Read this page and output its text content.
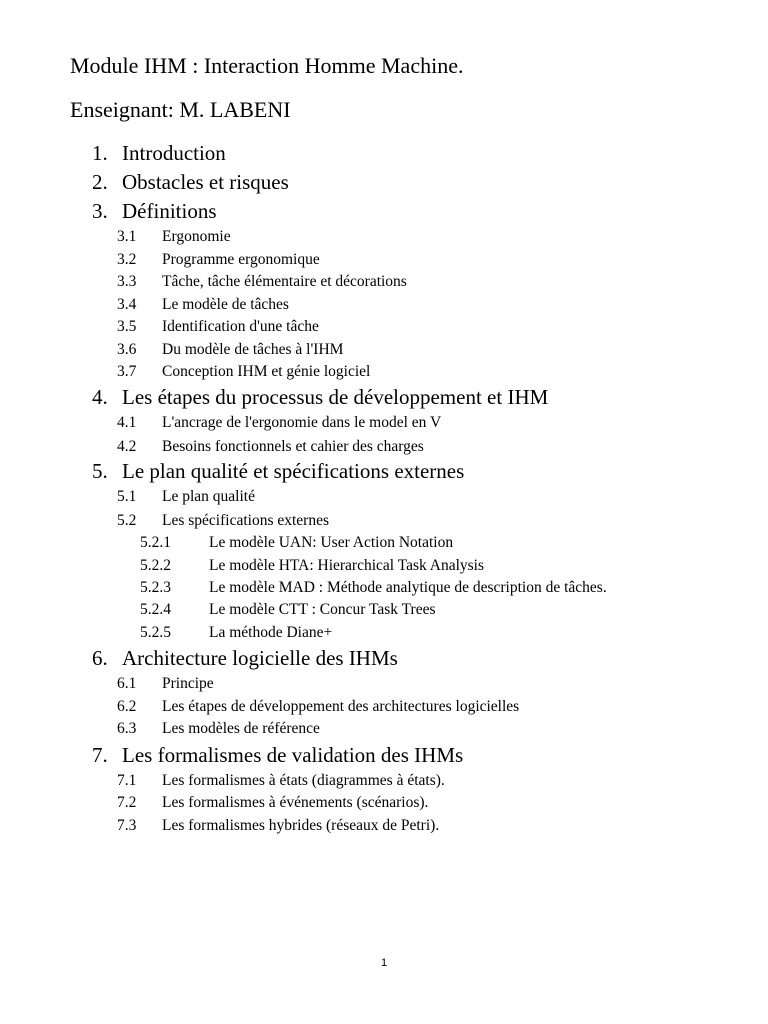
Module IHM : Interaction Homme Machine.
Enseignant: M. LABENI
1. Introduction
2. Obstacles et risques
3. Définitions
3.1 Ergonomie
3.2 Programme ergonomique
3.3 Tâche, tâche élémentaire et décorations
3.4 Le modèle de tâches
3.5 Identification d'une tâche
3.6 Du modèle de tâches à l'IHM
3.7 Conception IHM et génie logiciel
4. Les étapes du processus de développement et IHM
4.1 L'ancrage de l'ergonomie dans le model en V
4.2 Besoins fonctionnels et cahier des charges
5. Le plan qualité et spécifications externes
5.1 Le plan qualité
5.2 Les spécifications externes
5.2.1 Le modèle UAN: User Action Notation
5.2.2 Le modèle HTA: Hierarchical Task Analysis
5.2.3 Le modèle MAD : Méthode analytique de description de tâches.
5.2.4 Le modèle CTT : Concur Task Trees
5.2.5 La méthode Diane+
6. Architecture logicielle des IHMs
6.1 Principe
6.2 Les étapes de développement des architectures logicielles
6.3 Les modèles de référence
7. Les formalismes de validation des IHMs
7.1 Les formalismes à états (diagrammes à états).
7.2 Les formalismes à événements (scénarios).
7.3 Les formalismes hybrides (réseaux de Petri).
1
